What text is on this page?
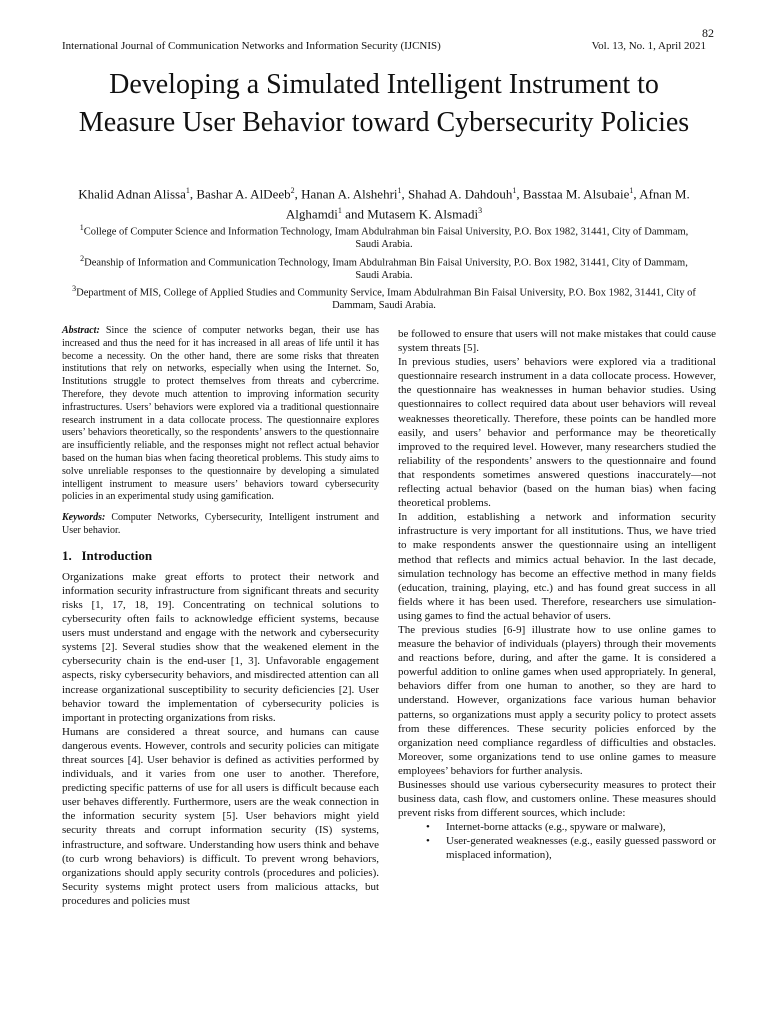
82
International Journal of Communication Networks and Information Security (IJCNIS)	Vol. 13, No. 1, April 2021
Developing a Simulated Intelligent Instrument to Measure User Behavior toward Cybersecurity Policies
Khalid Adnan Alissa$^1$, Bashar A. AlDeeb$^2$, Hanan A. Alshehri$^1$, Shahad A. Dahdouh$^1$, Basstaa M. Alsubaie$^1$, Afnan M. Alghamdi$^1$ and Mutasem K. Alsmadi$^3$
$^1$College of Computer Science and Information Technology, Imam Abdulrahman bin Faisal University, P.O. Box 1982, 31441, City of Dammam, Saudi Arabia.
$^2$Deanship of Information and Communication Technology, Imam Abdulrahman Bin Faisal University, P.O. Box 1982, 31441, City of Dammam, Saudi Arabia.
$^3$Department of MIS, College of Applied Studies and Community Service, Imam Abdulrahman Bin Faisal University, P.O. Box 1982, 31441, City of Dammam, Saudi Arabia.

Abstract: Since the science of computer networks began, their use has increased and thus the need for it has increased in all areas of life until it has become a necessity. On the other hand, there are some risks that threaten institutions that rely on networks, especially when using the Internet. So, Institutions struggle to protect themselves from threats and cybercrime. Therefore, they devote much attention to improving information security infrastructures. Users’ behaviors were explored via a traditional questionnaire research instrument in a data collocate process. The questionnaire explores users’ behaviors theoretically, so the respondents’ answers to the questionnaire are insufficiently reliable, and the responses might not reflect actual behavior based on the human bias when facing theoretical problems. This study aims to solve unreliable responses to the questionnaire by developing a simulated intelligent instrument to measure users’ behaviors toward cybersecurity policies in an experimental study using gamification.

Keywords: Computer Networks, Cybersecurity, Intelligent instrument and User behavior.

1. Introduction

Organizations make great efforts to protect their network and information security infrastructure from significant threats and security risks [1, 17, 18, 19]. Concentrating on technical solutions to cybersecurity often fails to acknowledge efficient systems, because users must understand and engage with the network and cybersecurity systems [2]. Several studies show that the weakened element in the cybersecurity chain is the end-user [1, 3]. Unfavorable engagement aspects, risky cybersecurity behaviors, and misdirected attention can all increase organizational susceptibility to security deficiencies [2]. User behavior toward the implementation of cybersecurity policies is important in protecting organizations from risks.

Humans are considered a threat source, and humans can cause dangerous events. However, controls and security policies can mitigate threat sources [4]. User behavior is defined as activities performed by individuals, and it varies from one user to another. Therefore, predicting specific patterns of use for all users is difficult because each user behaves differently. Furthermore, users are the weak connection in the information security system [5]. User behaviors might yield security threats and corrupt information security (IS) systems, infrastructure, and software. Understanding how users think and behave (to curb wrong behaviors) is difficult. To prevent wrong behaviors, organizations should apply security controls (procedures and policies). Security systems might protect users from malicious attacks, but procedures and policies must

be followed to ensure that users will not make mistakes that could cause system threats [5].

In previous studies, users’ behaviors were explored via a traditional questionnaire research instrument in a data collocate process. However, the questionnaire has weaknesses in human behavior studies. Using questionnaires to collect required data about user behaviors will reveal weaknesses theoretically. Therefore, these points can be handled more easily, and users’ behavior and performance may be theoretically improved to the required level. However, many researchers studied the reliability of the respondents’ answers to the questionnaire and found that respondents sometimes answered questions inaccurately—not reflecting actual behavior (based on the human bias) when facing theoretical problems.

In addition, establishing a network and information security infrastructure is very important for all institutions. Thus, we have tried to make respondents answer the questionnaire using an intelligent method that reflects and mimics actual behavior. In the last decade, simulation technology has become an effective method in many fields (education, training, playing, etc.) and has found great success in all fields where it has been used. Therefore, researchers use simulation-using games to find the actual behavior of users.

The previous studies [6-9] illustrate how to use online games to measure the behavior of individuals (players) through their movements and reactions before, during, and after the game. It is considered a powerful addition to online games when used appropriately. In general, behaviors differ from one human to another, so they are hard to understand. However, organizations face various human behavior patterns, so organizations must apply a security policy to protect assets from these differences. These security policies enforced by the organization need compliance regardless of difficulties and obstacles. Moreover, some organizations tend to use online games to measure employees’ behaviors for further analysis.

Businesses should use various cybersecurity measures to protect their business data, cash flow, and customers online. These measures should prevent risks from different sources, which include:

• Internet-borne attacks (e.g., spyware or malware),
• User-generated weaknesses (e.g., easily guessed password or misplaced information),
